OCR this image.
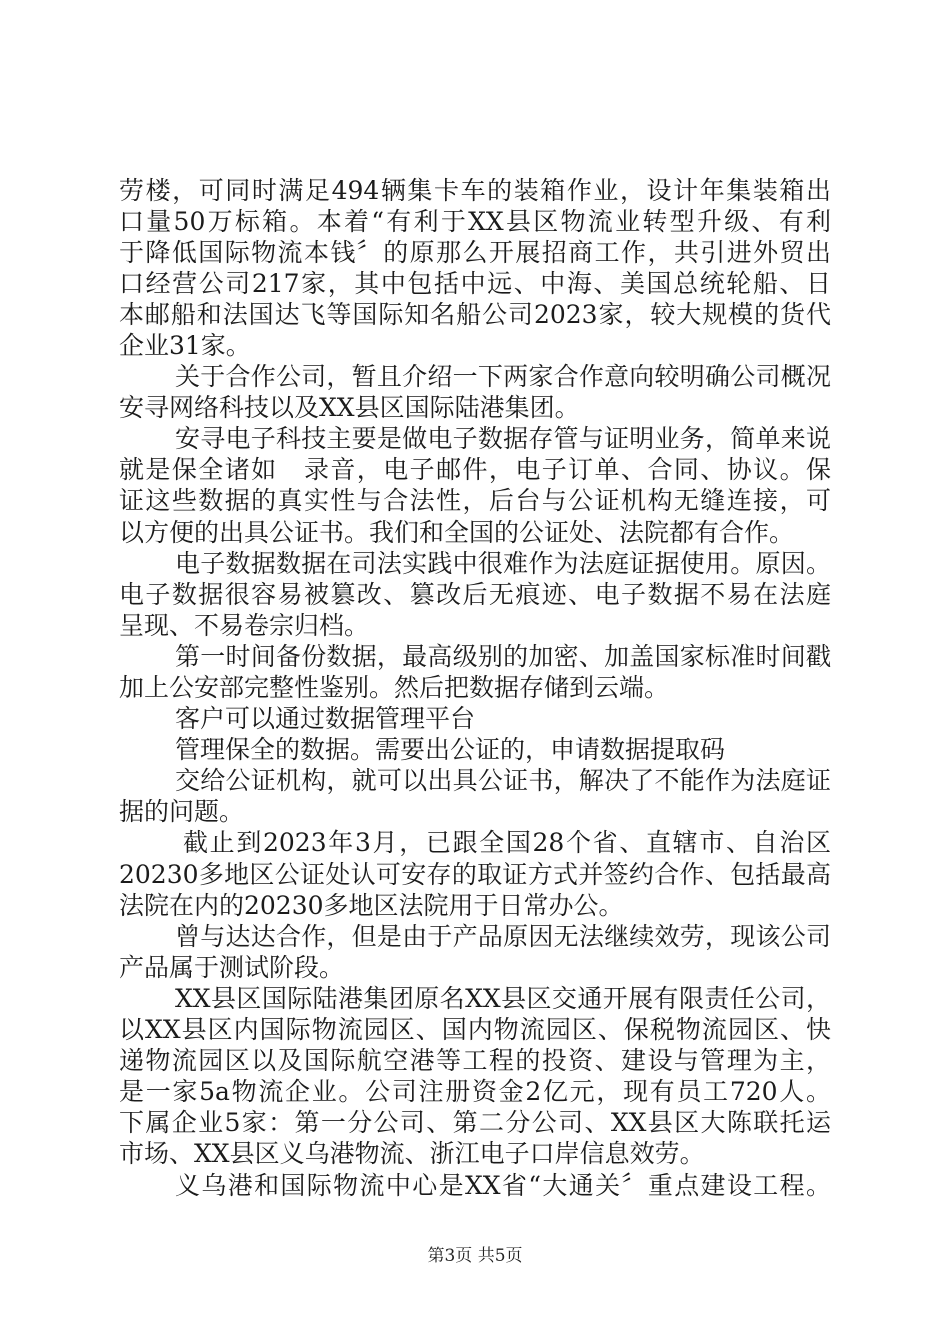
劳楼，可同时满足494辆集卡车的装箱作业，设计年集装箱出
口量50万标箱。本着“有利于XX县区物流业转型升级、有利
于降低国际物流本钱〞的原那么开展招商工作，共引进外贸出
口经营公司217家，其中包括中远、中海、美国总统轮船、日
本邮船和法国达飞等国际知名船公司2023家，较大规模的货代
企业31家。
关于合作公司，暂且介绍一下两家合作意向较明确公司概况
安寻网络科技以及XX县区国际陆港集团。
安寻电子科技主要是做电子数据存管与证明业务，简单来说
就是保全诸如　录音，电子邮件，电子订单、合同、协议。保
证这些数据的真实性与合法性，后台与公证机构无缝连接，可
以方便的出具公证书。我们和全国的公证处、法院都有合作。
电子数据数据在司法实践中很难作为法庭证据使用。原因。
电子数据很容易被篡改、篡改后无痕迹、电子数据不易在法庭
呈现、不易卷宗归档。
第一时间备份数据，最高级别的加密、加盖国家标准时间戳
加上公安部完整性鉴别。然后把数据存储到云端。
客户可以通过数据管理平台
管理保全的数据。需要出公证的，申请数据提取码
交给公证机构，就可以出具公证书，解决了不能作为法庭证
据的问题。
截止到2023年3月，已跟全国28个省、直辖市、自治区
20230多地区公证处认可安存的取证方式并签约合作、包括最高
法院在内的20230多地区法院用于日常办公。
曾与达达合作，但是由于产品原因无法继续效劳，现该公司
产品属于测试阶段。
XX县区国际陆港集团原名XX县区交通开展有限责任公司，
以XX县区内国际物流园区、国内物流园区、保税物流园区、快
递物流园区以及国际航空港等工程的投资、建设与管理为主，
是一家5a物流企业。公司注册资金2亿元，现有员工720人。
下属企业5家：第一分公司、第二分公司、XX县区大陈联托运
市场、XX县区义乌港物流、浙江电子口岸信息效劳。
义乌港和国际物流中心是XX省“大通关〞重点建设工程。
第3页 共5页
